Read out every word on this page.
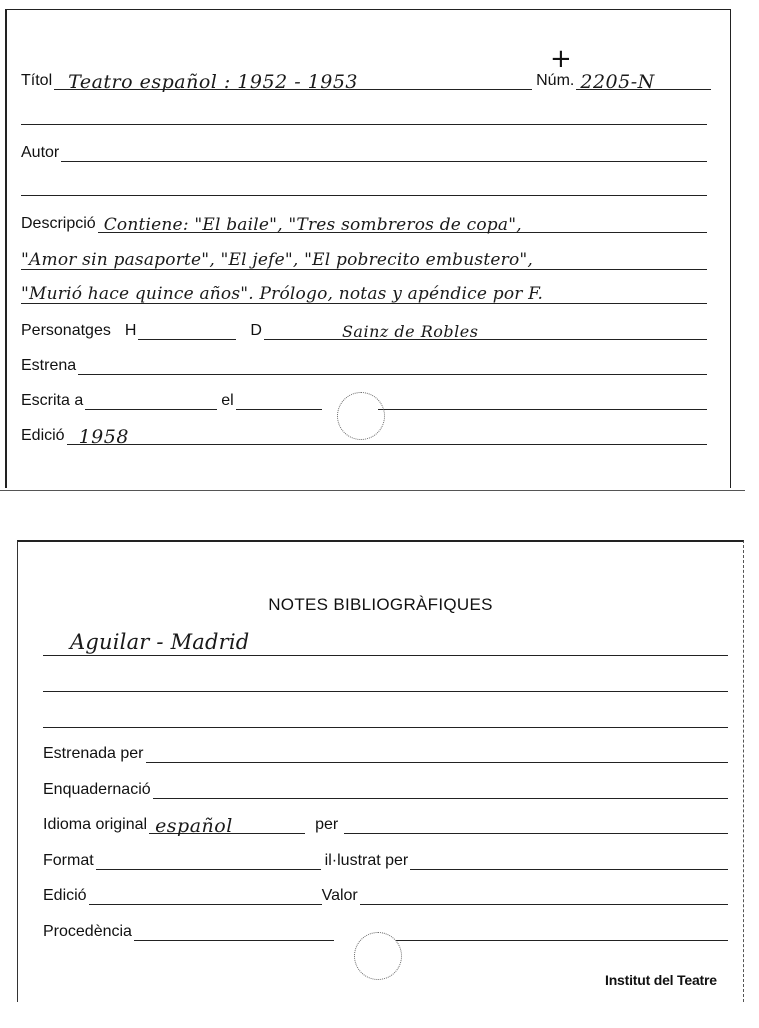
+
Títol Teatro español : 1952 - 1953	Núm. 2205-N
Autor
Descripció Contiene: "El baile", "Tres sombreros de copa",
"Amor sin pasaporte", "El jefe", "El pobrecito embustero",
"Murió hace quince años". Prólogo, notas y apéndice por F.
Personatges H	D	Sainz de Robles
Estrena
Escrita a	el
Edició 1958
NOTES BIBLIOGRÀFIQUES
Aguilar - Madrid
Estrenada per
Enquadernació
Idioma original español	per
Format	il·lustrat per
Edició	Valor
Procedència
Institut del Teatre
